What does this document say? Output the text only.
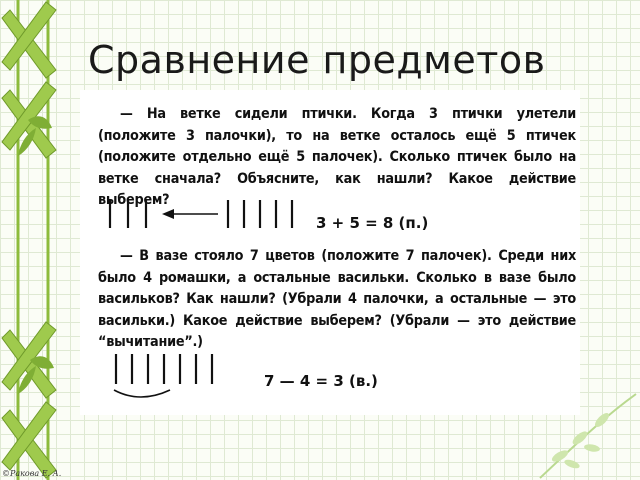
Сравнение предметов

— На ветке сидели птички. Когда 3 птички улетели (положите 3 палочки), то на ветке осталось ещё 5 птичек (положите отдельно ещё 5 палочек). Сколько птичек было на ветке сначала? Объясните, как нашли? Какое действие выберем?

3 + 5 = 8 (п.)

— В вазе стояло 7 цветов (положите 7 палочек). Среди них было 4 ромашки, а остальные васильки. Сколько в вазе было васильков? Как нашли? (Убрали 4 палочки, а остальные — это васильки.) Какое действие выберем? (Убрали — это действие “вычитание”.)

7 — 4 = 3 (в.)
©Ракова Е. А.
